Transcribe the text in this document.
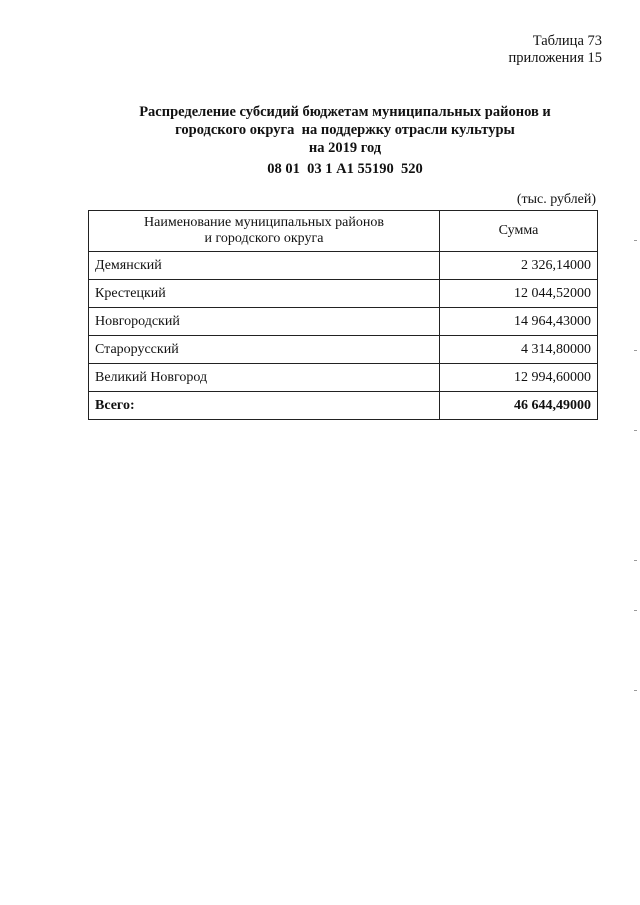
Таблица 73
приложения 15
Распределение субсидий бюджетам муниципальных районов и
городского округа  на поддержку отрасли культуры
на 2019 год
08 01  03 1 А1 55190  520
(тыс. рублей)
Наименование муниципальных районов
и городского округа	Сумма
Демянский	2 326,14000
Крестецкий	12 044,52000
Новгородский	14 964,43000
Старорусский	4 314,80000
Великий Новгород	12 994,60000
Всего:	46 644,49000
